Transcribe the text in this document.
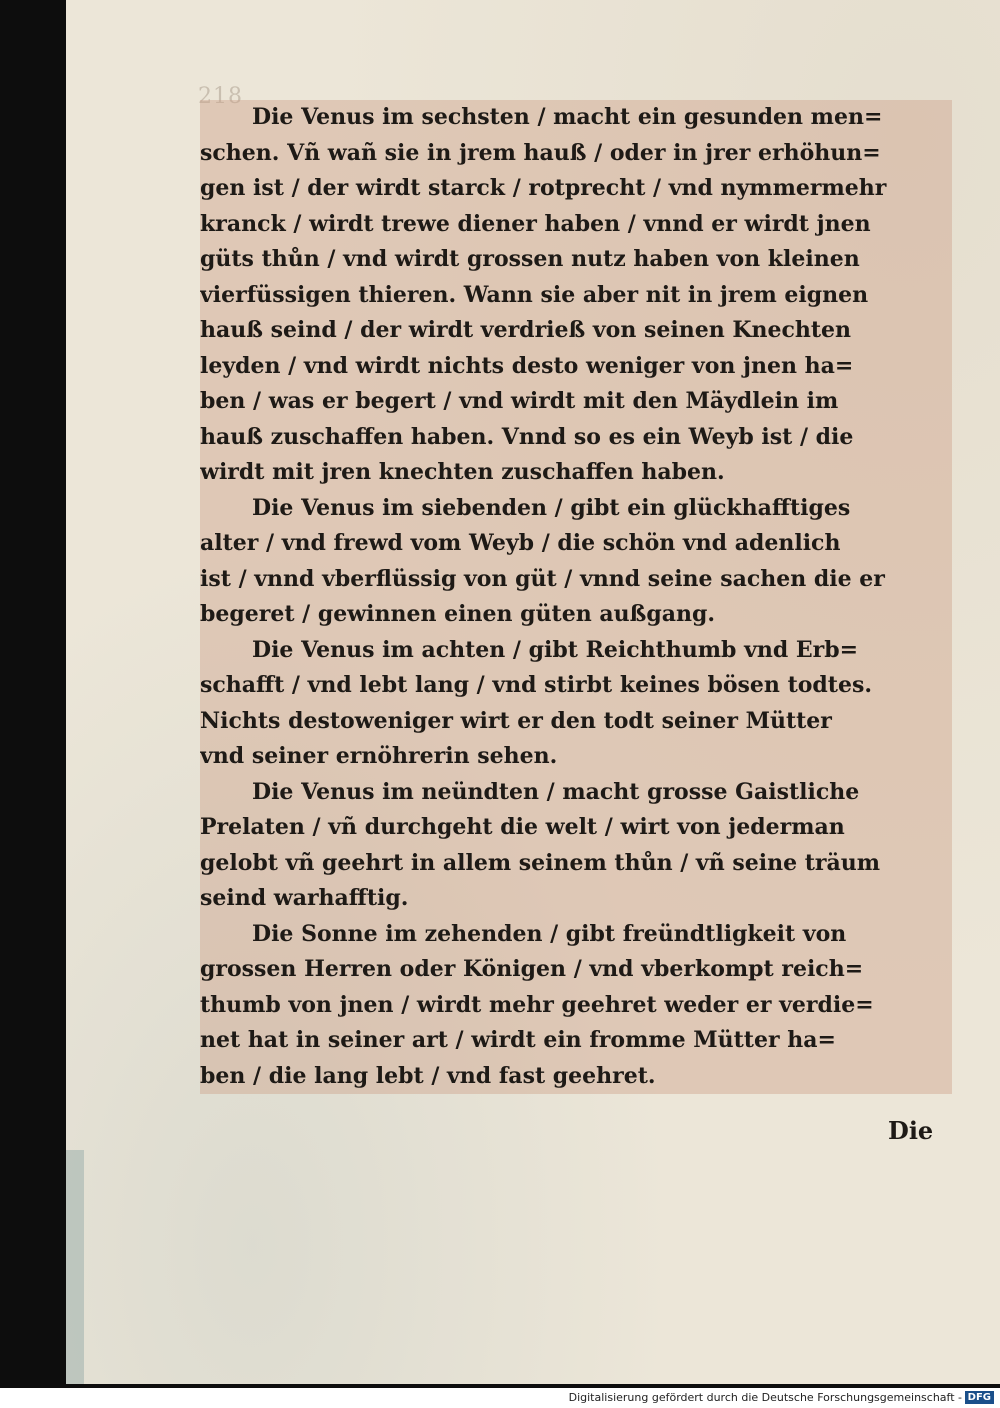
218
Die Venus im sechsten / macht ein gesunden men=
schen. Vñ wañ sie in jrem hauß / oder in jrer erhöhun=
gen ist / der wirdt starck / rotprecht / vnd nymmermehr
kranck / wirdt trewe diener haben / vnnd er wirdt jnen
güts thůn / vnd wirdt grossen nutz haben von kleinen
vierfüssigen thieren. Wann sie aber nit in jrem eignen
hauß seind / der wirdt verdrieß von seinen Knechten
leyden / vnd wirdt nichts desto weniger von jnen ha=
ben / was er begert / vnd wirdt mit den Mäydlein im
hauß zuschaffen haben. Vnnd so es ein Weyb ist / die
wirdt mit jren knechten zuschaffen haben.
Die Venus im siebenden / gibt ein glückhafftiges
alter / vnd frewd vom Weyb / die schön vnd adenlich
ist / vnnd vberflüssig von güt / vnnd seine sachen die er
begeret / gewinnen einen güten außgang.
Die Venus im achten / gibt Reichthumb vnd Erb=
schafft / vnd lebt lang / vnd stirbt keines bösen todtes.
Nichts destoweniger wirt er den todt seiner Mütter
vnd seiner ernöhrerin sehen.
Die Venus im neündten / macht grosse Gaistliche
Prelaten / vñ durchgeht die welt / wirt von jederman
gelobt vñ geehrt in allem seinem thůn / vñ seine träum
seind warhafftig.
Die Sonne im zehenden / gibt freündtligkeit von
grossen Herren oder Königen / vnd vberkompt reich=
thumb von jnen / wirdt mehr geehret weder er verdie=
net hat in seiner art / wirdt ein fromme Mütter ha=
ben / die lang lebt / vnd fast geehret.
Die
Digitalisierung gefördert durch die Deutsche Forschungsgemeinschaft - DFG
